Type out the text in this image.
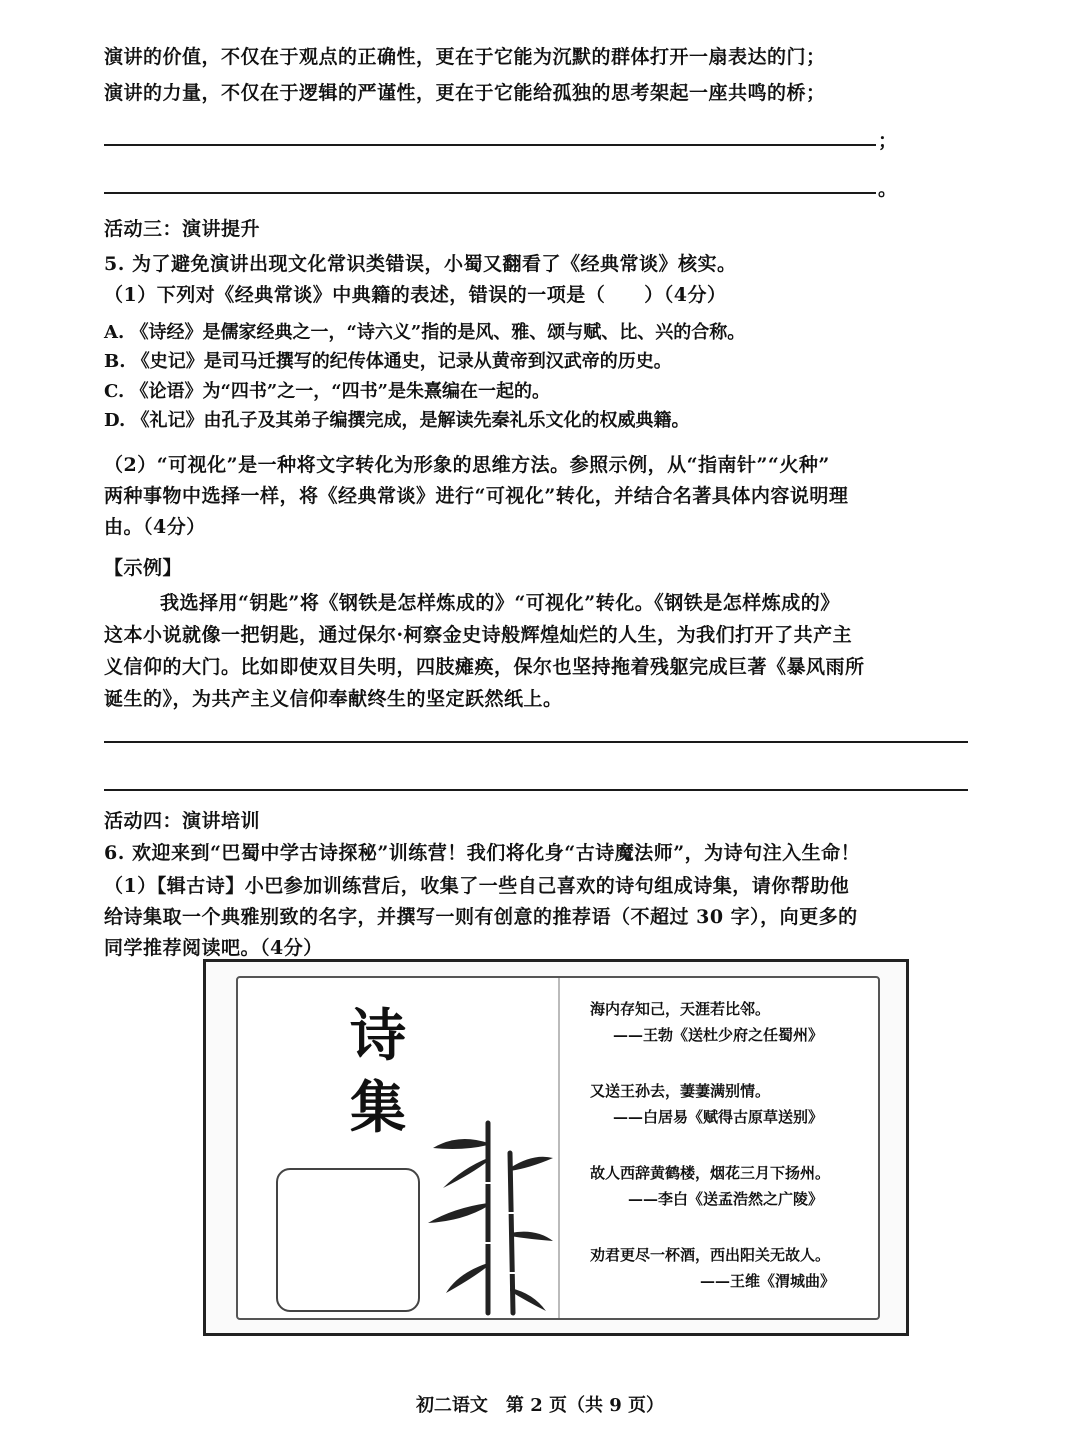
演讲的价值，不仅在于观点的正确性，更在于它能为沉默的群体打开一扇表达的门；
演讲的力量，不仅在于逻辑的严谨性，更在于它能给孤独的思考架起一座共鸣的桥；
；
。
活动三：演讲提升
5. 为了避免演讲出现文化常识类错误，小蜀又翻看了《经典常谈》核实。
（1）下列对《经典常谈》中典籍的表述，错误的一项是（　　）（4分）
A. 《诗经》是儒家经典之一，“诗六义”指的是风、雅、颂与赋、比、兴的合称。
B. 《史记》是司马迁撰写的纪传体通史，记录从黄帝到汉武帝的历史。
C. 《论语》为“四书”之一，“四书”是朱熹编在一起的。
D. 《礼记》由孔子及其弟子编撰完成，是解读先秦礼乐文化的权威典籍。
（2）“可视化”是一种将文字转化为形象的思维方法。参照示例，从“指南针”“火种”
两种事物中选择一样，将《经典常谈》进行“可视化”转化，并结合名著具体内容说明理
由。（4分）
【示例】
我选择用“钥匙”将《钢铁是怎样炼成的》“可视化”转化。《钢铁是怎样炼成的》
这本小说就像一把钥匙，通过保尔·柯察金史诗般辉煌灿烂的人生，为我们打开了共产主
义信仰的大门。比如即使双目失明，四肢瘫痪，保尔也坚持拖着残躯完成巨著《暴风雨所
诞生的》，为共产主义信仰奉献终生的坚定跃然纸上。
活动四：演讲培训
6. 欢迎来到“巴蜀中学古诗探秘”训练营！我们将化身“古诗魔法师”，为诗句注入生命！
（1）【辑古诗】小巴参加训练营后，收集了一些自己喜欢的诗句组成诗集，请你帮助他
给诗集取一个典雅别致的名字，并撰写一则有创意的推荐语（不超过 30 字），向更多的
同学推荐阅读吧。（4分）
诗
集
海内存知己，天涯若比邻。
——王勃《送杜少府之任蜀州》
又送王孙去，萋萋满别情。
——白居易《赋得古原草送别》
故人西辞黄鹤楼，烟花三月下扬州。
——李白《送孟浩然之广陵》
劝君更尽一杯酒，西出阳关无故人。
——王维《渭城曲》
初二语文　第 2 页（共 9 页）
